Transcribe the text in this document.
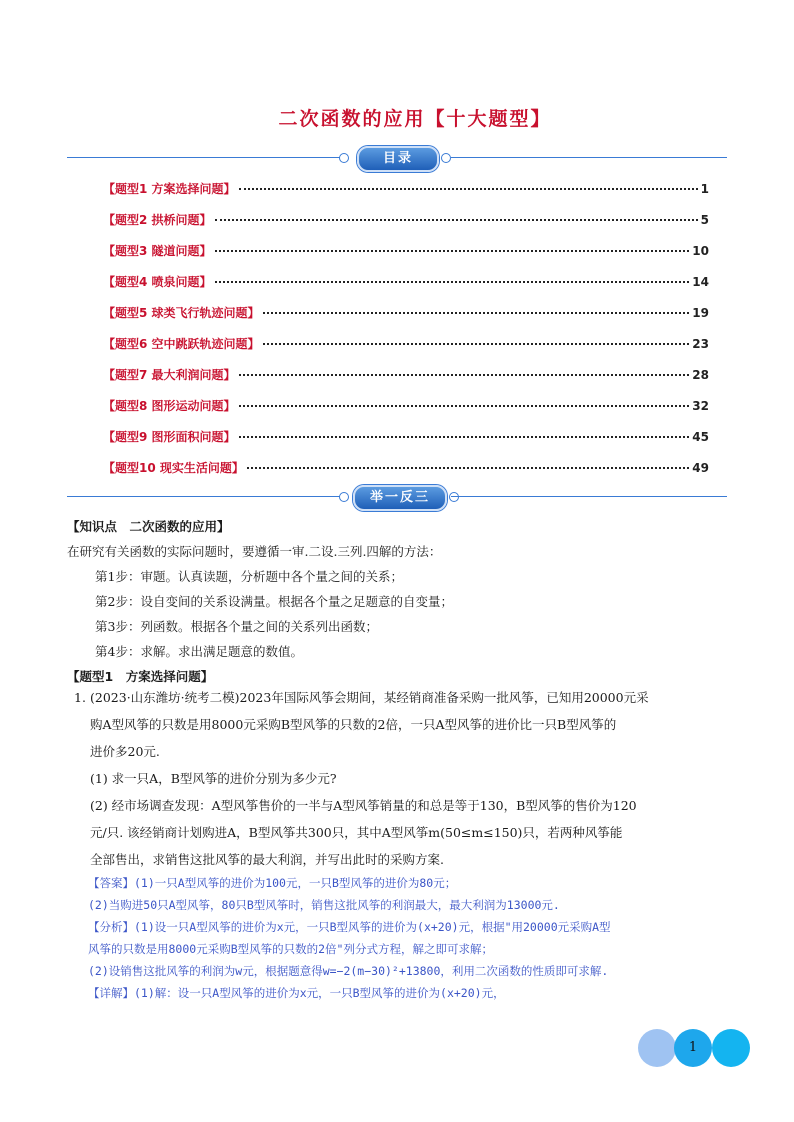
二次函数的应用【十大题型】
目录
【题型1 方案选择问题】	1
【题型2 拱桥问题】	5
【题型3 隧道问题】	10
【题型4 喷泉问题】	14
【题型5 球类飞行轨迹问题】	19
【题型6 空中跳跃轨迹问题】	23
【题型7 最大利润问题】	28
【题型8 图形运动问题】	32
【题型9 图形面积问题】	45
【题型10 现实生活问题】	49
举一反三
【知识点　二次函数的应用】
在研究有关函数的实际问题时，要遵循一审.二设.三列.四解的方法：
第1步：审题。认真读题，分析题中各个量之间的关系；
第2步：设自变间的关系设满量。根据各个量之足题意的自变量；
第3步：列函数。根据各个量之间的关系列出函数；
第4步：求解。求出满足题意的数值。
【题型1　方案选择问题】
1. (2023·山东潍坊·统考二模)2023年国际风筝会期间，某经销商准备采购一批风筝，已知用20000元采
购A型风筝的只数是用8000元采购B型风筝的只数的2倍，一只A型风筝的进价比一只B型风筝的
进价多20元.
(1) 求一只A，B型风筝的进价分别为多少元?
(2) 经市场调查发现：A型风筝售价的一半与A型风筝销量的和总是等于130，B型风筝的售价为120
元/只. 该经销商计划购进A，B型风筝共300只，其中A型风筝m(50≤m≤150)只，若两种风筝能
全部售出，求销售这批风筝的最大利润，并写出此时的采购方案.
【答案】(1)一只A型风筝的进价为100元，一只B型风筝的进价为80元；
(2)当购进50只A型风筝，80只B型风筝时，销售这批风筝的利润最大，最大利润为13000元.
【分析】(1)设一只A型风筝的进价为x元，一只B型风筝的进价为(x+20)元，根据"用20000元采购A型
风筝的只数是用8000元采购B型风筝的只数的2倍"列分式方程，解之即可求解；
(2)设销售这批风筝的利润为w元，根据题意得w=−2(m−30)²+13800，利用二次函数的性质即可求解.
【详解】(1)解：设一只A型风筝的进价为x元，一只B型风筝的进价为(x+20)元，
1
